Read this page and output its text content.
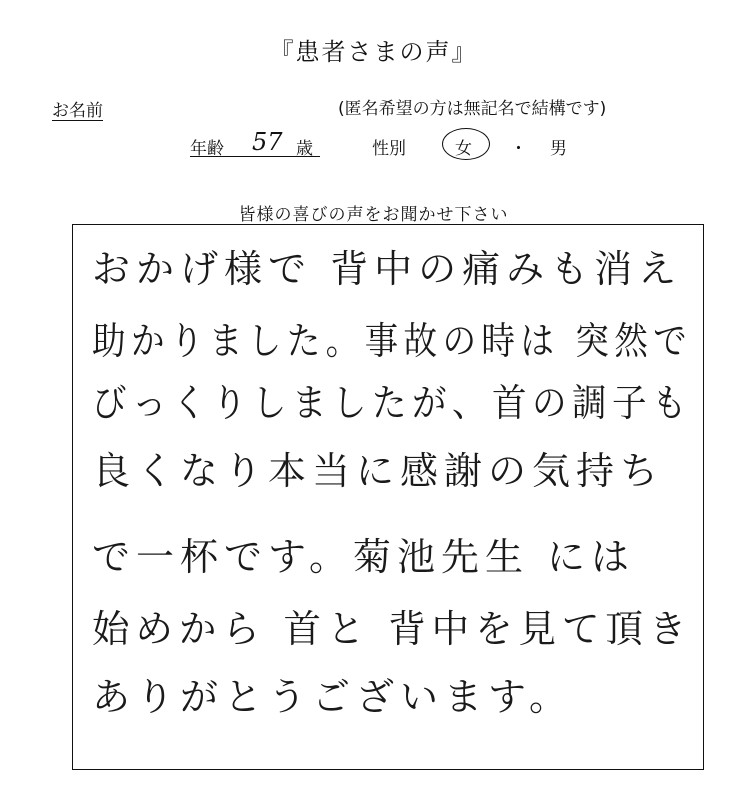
『患者さまの声』
お名前	(匿名希望の方は無記名で結構です)
年齢 57 歳	性別	女 ・ 男
皆様の喜びの声をお聞かせ下さい
おかげ様で 背中の痛みも消え
助かりました。事故の時は 突然で
びっくりしましたが、首の調子も
良くなり本当に感謝の気持ち
で一杯です。菊池先生 には
始めから 首と 背中を見て頂き
ありがとうございます。
